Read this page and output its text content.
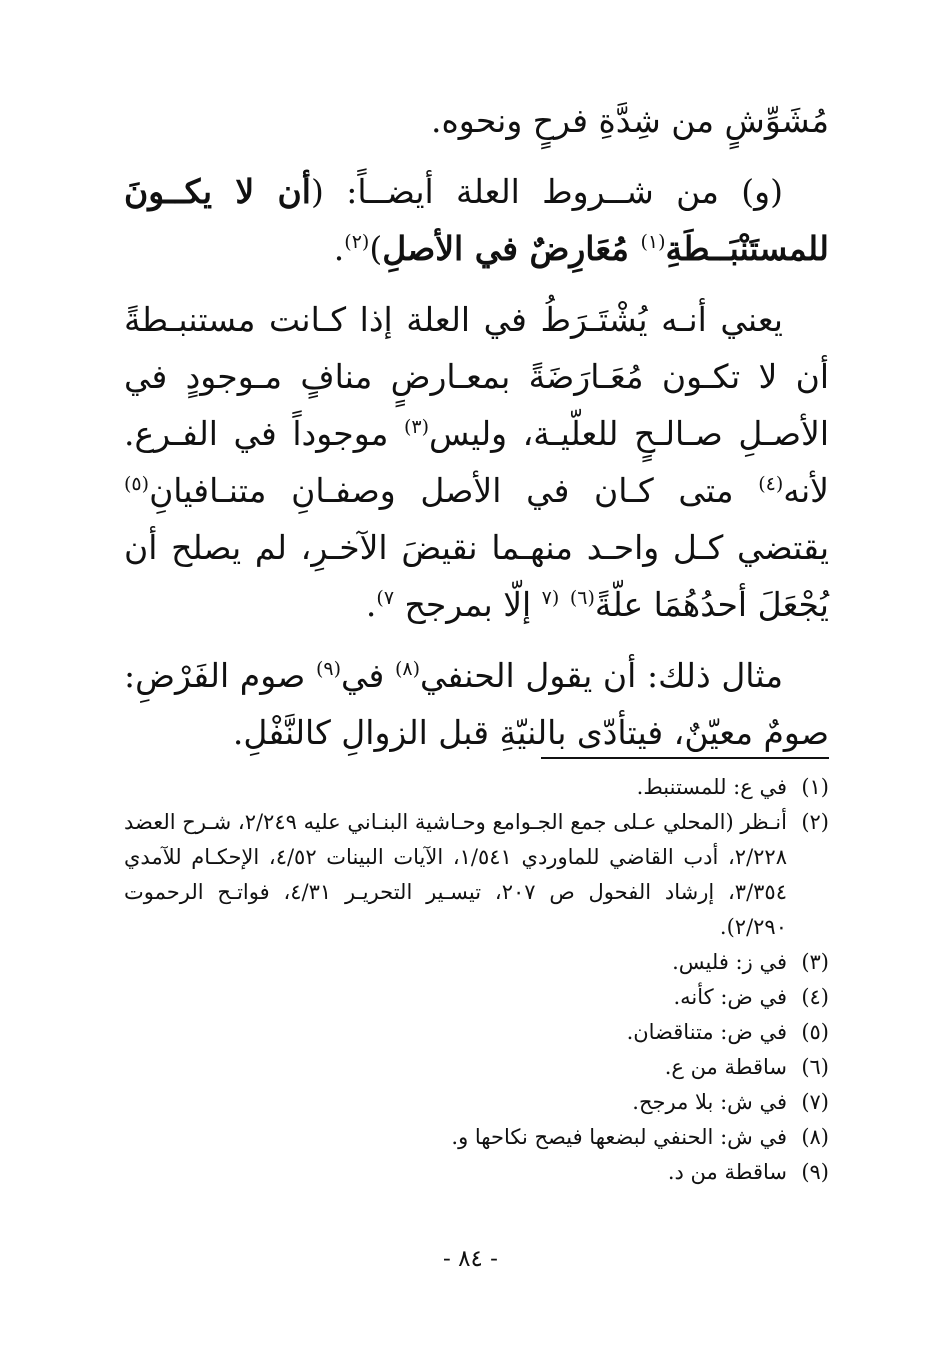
مُشَوِّشٍ من شِدَّةِ فرحٍ ونحوه.

(و) من شــروط العلة أيضــاً: (أن لا يكــونَ للمستَنْبَــطَةِ$^{(١)}$ مُعَارِضٌ في الأصلِ)$^{(٢)}$.

يعني أنـه يُشْتَـرَطُ في العلة إذا كـانت مستنبـطةً أن لا تكـون مُعَـارَضَةً بمعـارضٍ منافٍ مـوجودٍ في الأصـلِ صـالـحٍ للعلّيـة، وليس$^{(٣)}$ موجوداً في الفـرع. لأنه$^{(٤)}$ متى كـان في الأصل وصفـانِ متنـافيانِ$^{(٥)}$ يقتضي كـل واحـد منهـما نقيضَ الآخـرِ، لم يصلح أن يُجْعَلَ أحدُهُمَا علّةً$^{(٦)}$ $^{(٧}$ إلّا بمرجح $^{٧)}$.

مثال ذلك: أن يقول الحنفي$^{(٨)}$ في$^{(٩)}$ صوم الفَرْضِ: صومٌ معيّنٌ، فيتأدّى بالنيّةِ قبل الزوالِ كالنَّفْلِ.

(١)
في ع: للمستنبط.
(٢)
أنـظر (المحلي عـلى جمع الجـوامع وحـاشية البنـاني عليه ٢/٢٤٩، شـرح العضد ٢/٢٢٨، أدب القاضي للماوردي ١/٥٤١، الآيات البينات ٤/٥٢، الإحكـام للآمدي ٣/٣٥٤، إرشاد الفحول ص ٢٠٧، تيسـير التحريـر ٤/٣١، فواتـح الرحموت ٢/٢٩٠).
(٣)
في ز: فليس.
(٤)
في ض: كأنه.
(٥)
في ض: متناقضان.
(٦)
ساقطة من ع.
(٧)
في ش: بلا مرجح.
(٨)
في ش: الحنفي لبضعها فيصح نكاحها و.
(٩)
ساقطة من د.
- ٨٤ -
